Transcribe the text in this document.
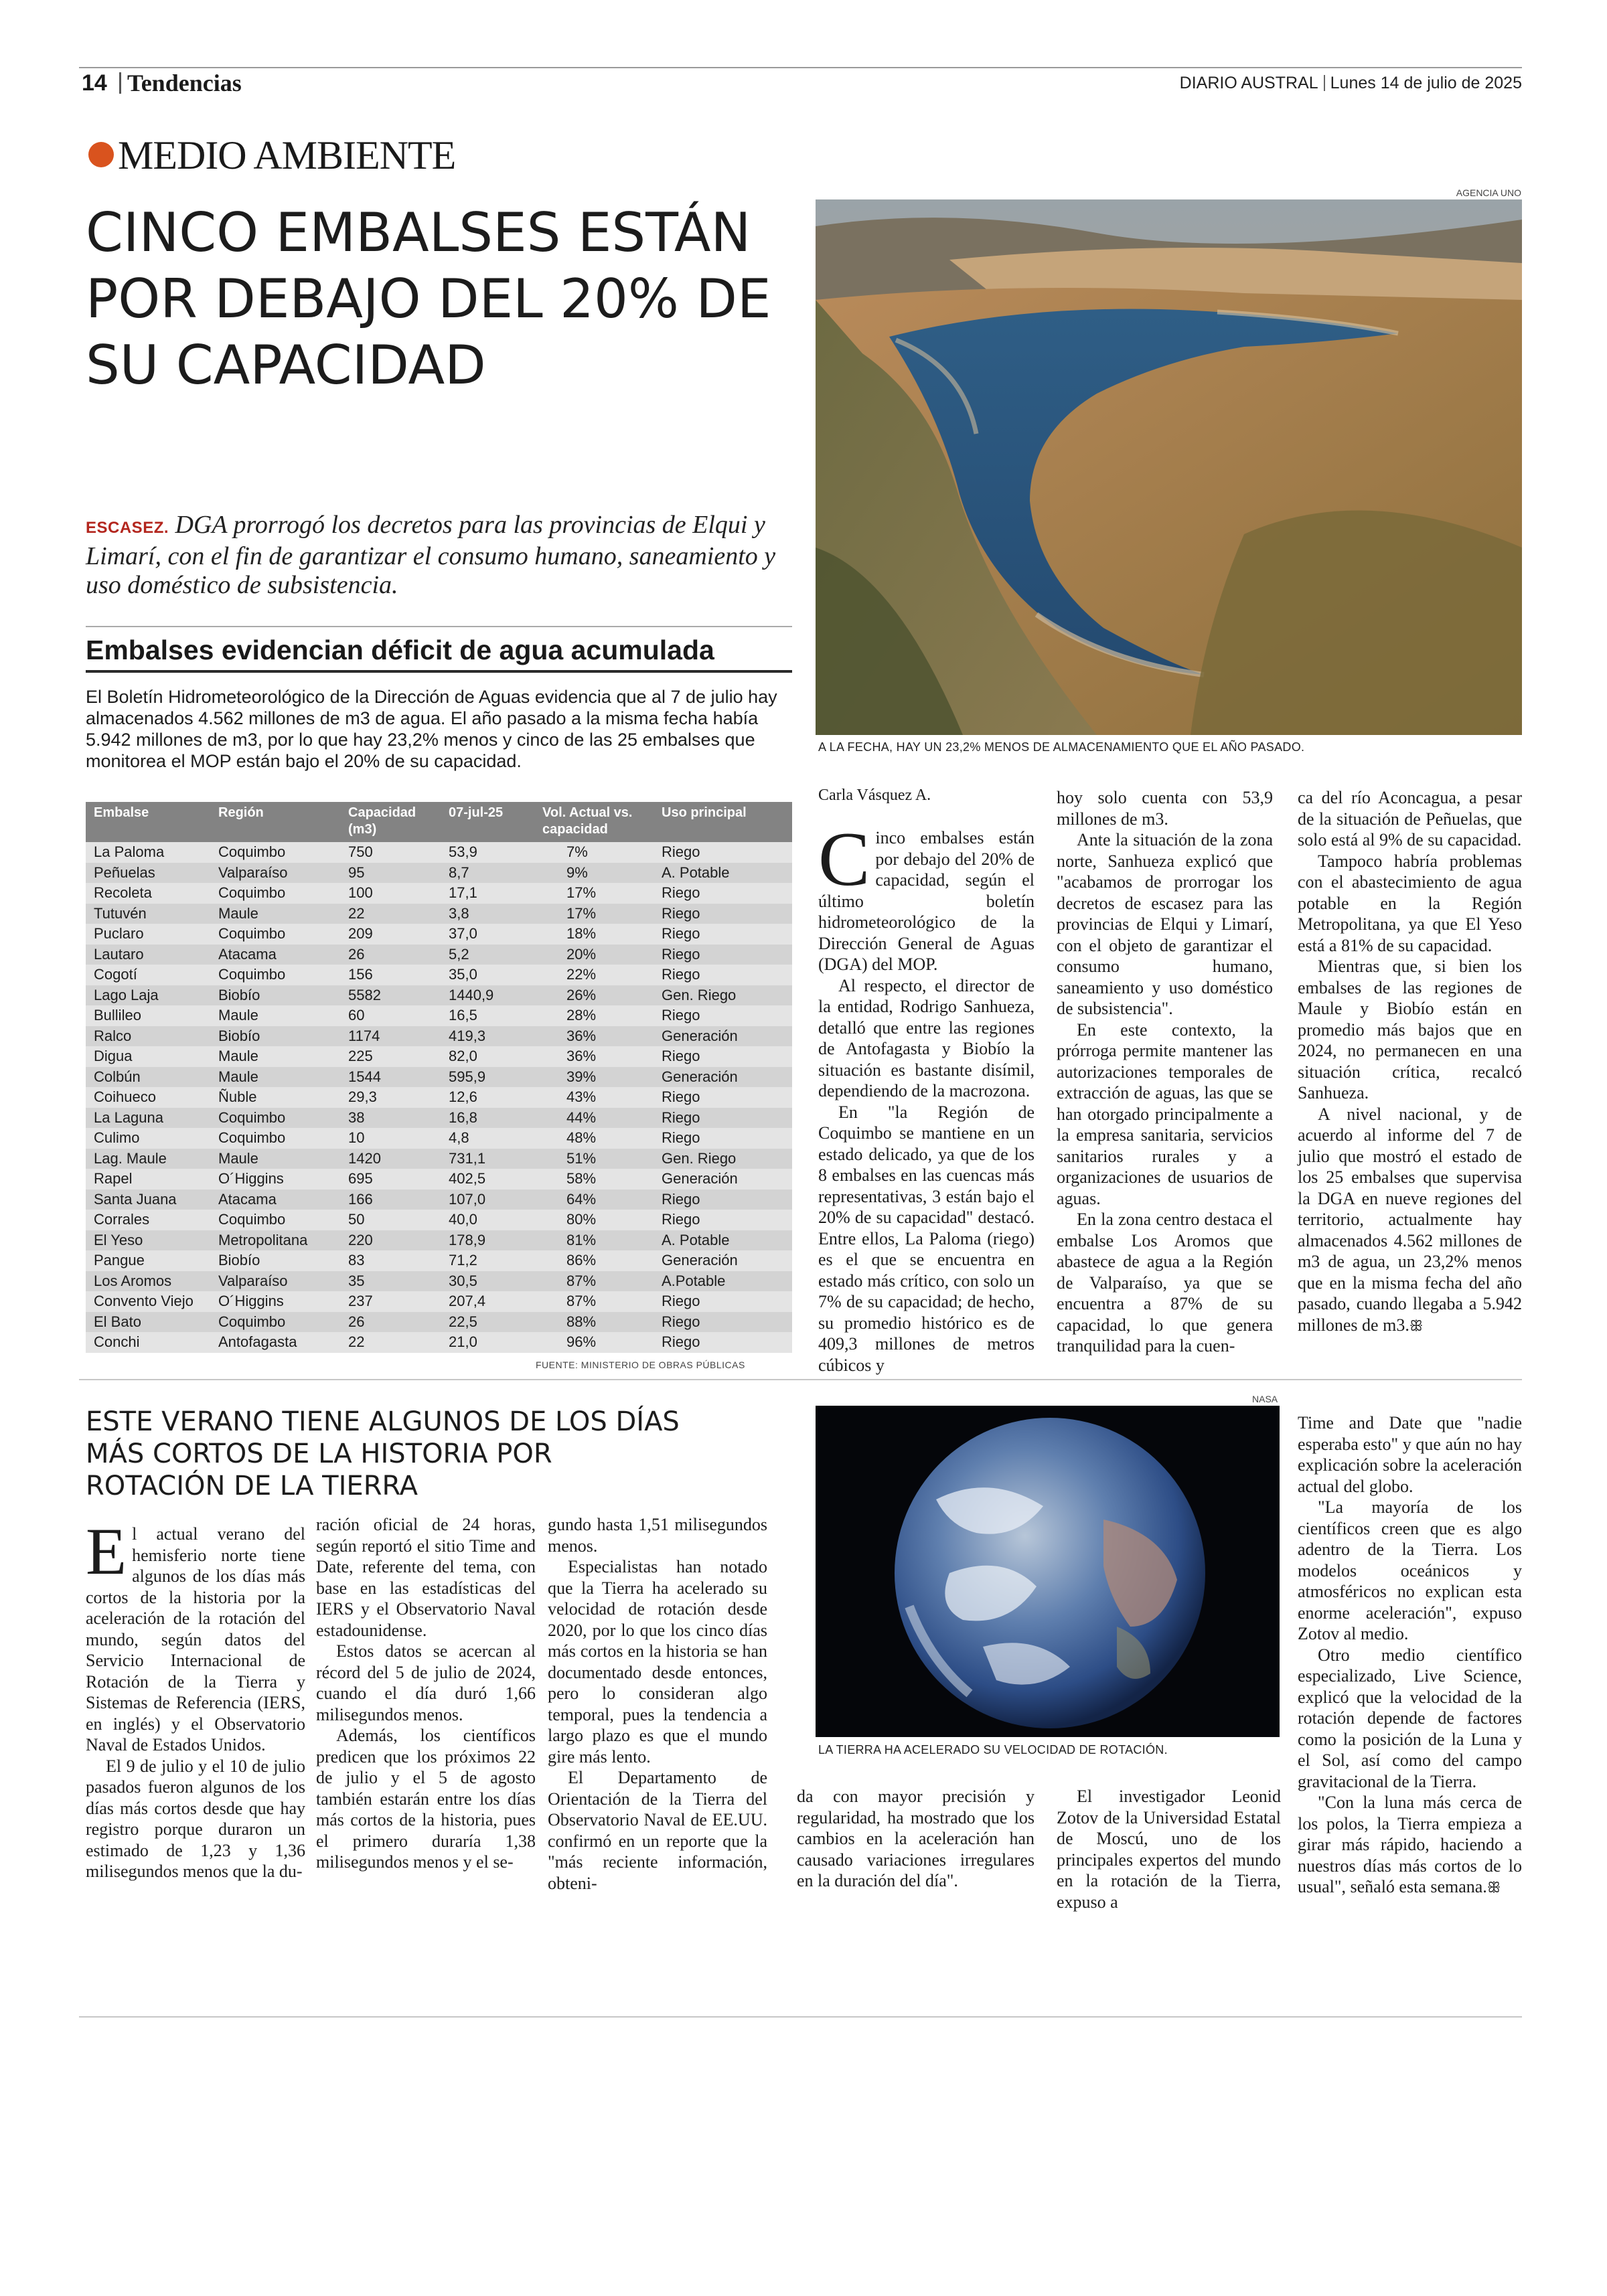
14 Tendencias	DIARIO AUSTRAL Lunes 14 de julio de 2025
MEDIO AMBIENTE
CINCO EMBALSES ESTÁN POR DEBAJO DEL 20% DE SU CAPACIDAD
ESCASEZ. DGA prorrogó los decretos para las provincias de Elqui y Limarí, con el fin de garantizar el consumo humano, saneamiento y uso doméstico de subsistencia.
Embalses evidencian déficit de agua acumulada
El Boletín Hidrometeorológico de la Dirección de Aguas evidencia que al 7 de julio hay almacenados 4.562 millones de m3 de agua. El año pasado a la misma fecha había 5.942 millones de m3, por lo que hay 23,2% menos y cinco de las 25 embalses que monitorea el MOP están bajo el 20% de su capacidad.
Embalse	Región	Capacidad (m3)	07-jul-25	Vol. Actual vs. capacidad	Uso principal
La Paloma	Coquimbo	750	53,9	7%	Riego
Peñuelas	Valparaíso	95	8,7	9%	A. Potable
Recoleta	Coquimbo	100	17,1	17%	Riego
Tutuvén	Maule	22	3,8	17%	Riego
Puclaro	Coquimbo	209	37,0	18%	Riego
Lautaro	Atacama	26	5,2	20%	Riego
Cogotí	Coquimbo	156	35,0	22%	Riego
Lago Laja	Biobío	5582	1440,9	26%	Gen. Riego
Bullileo	Maule	60	16,5	28%	Riego
Ralco	Biobío	1174	419,3	36%	Generación
Digua	Maule	225	82,0	36%	Riego
Colbún	Maule	1544	595,9	39%	Generación
Coihueco	Ñuble	29,3	12,6	43%	Riego
La Laguna	Coquimbo	38	16,8	44%	Riego
Culimo	Coquimbo	10	4,8	48%	Riego
Lag. Maule	Maule	1420	731,1	51%	Gen. Riego
Rapel	O´Higgins	695	402,5	58%	Generación
Santa Juana	Atacama	166	107,0	64%	Riego
Corrales	Coquimbo	50	40,0	80%	Riego
El Yeso	Metropolitana	220	178,9	81%	A. Potable
Pangue	Biobío	83	71,2	86%	Generación
Los Aromos	Valparaíso	35	30,5	87%	A.Potable
Convento Viejo	O´Higgins	237	207,4	87%	Riego
El Bato	Coquimbo	26	22,5	88%	Riego
Conchi	Antofagasta	22	21,0	96%	Riego
FUENTE: MINISTERIO DE OBRAS PÚBLICAS
AGENCIA UNO
A LA FECHA, HAY UN 23,2% MENOS DE ALMACENAMIENTO QUE EL AÑO PASADO.
Carla Vásquez A.

Cinco embalses están por debajo del 20% de capacidad, según el último boletín hidrometeorológico de la Dirección General de Aguas (DGA) del MOP.

Al respecto, el director de la entidad, Rodrigo Sanhueza, detalló que entre las regiones de Antofagasta y Biobío la situación es bastante disímil, dependiendo de la macrozona.

En "la Región de Coquimbo se mantiene en un estado delicado, ya que de los 8 embalses en las cuencas más representativas, 3 están bajo el 20% de su capacidad" destacó. Entre ellos, La Paloma (riego) es el que se encuentra en estado más crítico, con solo un 7% de su capacidad; de hecho, su promedio histórico es de 409,3 millones de metros cúbicos y

hoy solo cuenta con 53,9 millones de m3.

Ante la situación de la zona norte, Sanhueza explicó que "acabamos de prorrogar los decretos de escasez para las provincias de Elqui y Limarí, con el objeto de garantizar el consumo humano, saneamiento y uso doméstico de subsistencia".

En este contexto, la prórroga permite mantener las autorizaciones temporales de extracción de aguas, las que se han otorgado principalmente a la empresa sanitaria, servicios sanitarios rurales y a organizaciones de usuarios de aguas.

En la zona centro destaca el embalse Los Aromos que abastece de agua a la Región de Valparaíso, ya que se encuentra a 87% de su capacidad, lo que genera tranquilidad para la cuen-

ca del río Aconcagua, a pesar de la situación de Peñuelas, que solo está al 9% de su capacidad.

Tampoco habría problemas con el abastecimiento de agua potable en la Región Metropolitana, ya que El Yeso está a 81% de su capacidad.

Mientras que, si bien los embalses de las regiones de Maule y Biobío están en promedio más bajos que en 2024, no permanecen en una situación crítica, recalcó Sanhueza.

A nivel nacional, y de acuerdo al informe del 7 de julio que mostró el estado de los 25 embalses que supervisa la DGA en nueve regiones del territorio, actualmente hay almacenados 4.562 millones de m3 de agua, un 23,2% menos que en la misma fecha del año pasado, cuando llegaba a 5.942 millones de m3.ꕥ

ESTE VERANO TIENE ALGUNOS DE LOS DÍAS MÁS CORTOS DE LA HISTORIA POR ROTACIÓN DE LA TIERRA

El actual verano del hemisferio norte tiene algunos de los días más cortos de la historia por la aceleración de la rotación del mundo, según datos del Servicio Internacional de Rotación de la Tierra y Sistemas de Referencia (IERS, en inglés) y el Observatorio Naval de Estados Unidos.

El 9 de julio y el 10 de julio pasados fueron algunos de los días más cortos desde que hay registro porque duraron un estimado de 1,23 y 1,36 milisegundos menos que la du-

ración oficial de 24 horas, según reportó el sitio Time and Date, referente del tema, con base en las estadísticas del IERS y el Observatorio Naval estadounidense.

Estos datos se acercan al récord del 5 de julio de 2024, cuando el día duró 1,66 milisegundos menos.

Además, los científicos predicen que los próximos 22 de julio y el 5 de agosto también estarán entre los días más cortos de la historia, pues el primero duraría 1,38 milisegundos menos y el se-

gundo hasta 1,51 milisegundos menos.

Especialistas han notado que la Tierra ha acelerado su velocidad de rotación desde 2020, por lo que los cinco días más cortos en la historia se han documentado desde entonces, pero lo consideran algo temporal, pues la tendencia a largo plazo es que el mundo gire más lento.

El Departamento de Orientación de la Tierra del Observatorio Naval de EE.UU. confirmó en un reporte que la "más reciente información, obteni-

NASA
LA TIERRA HA ACELERADO SU VELOCIDAD DE ROTACIÓN.

da con mayor precisión y regularidad, ha mostrado que los cambios en la aceleración han causado variaciones irregulares en la duración del día".

El investigador Leonid Zotov de la Universidad Estatal de Moscú, uno de los principales expertos del mundo en la rotación de la Tierra, expuso a

Time and Date que "nadie esperaba esto" y que aún no hay explicación sobre la aceleración actual del globo.

"La mayoría de los científicos creen que es algo adentro de la Tierra. Los modelos oceánicos y atmosféricos no explican esta enorme aceleración", expuso Zotov al medio.

Otro medio científico especializado, Live Science, explicó que la velocidad de la rotación depende de factores como la posición de la Luna y el Sol, así como del campo gravitacional de la Tierra.

"Con la luna más cerca de los polos, la Tierra empieza a girar más rápido, haciendo a nuestros días más cortos de lo usual", señaló esta semana.ꕥ
